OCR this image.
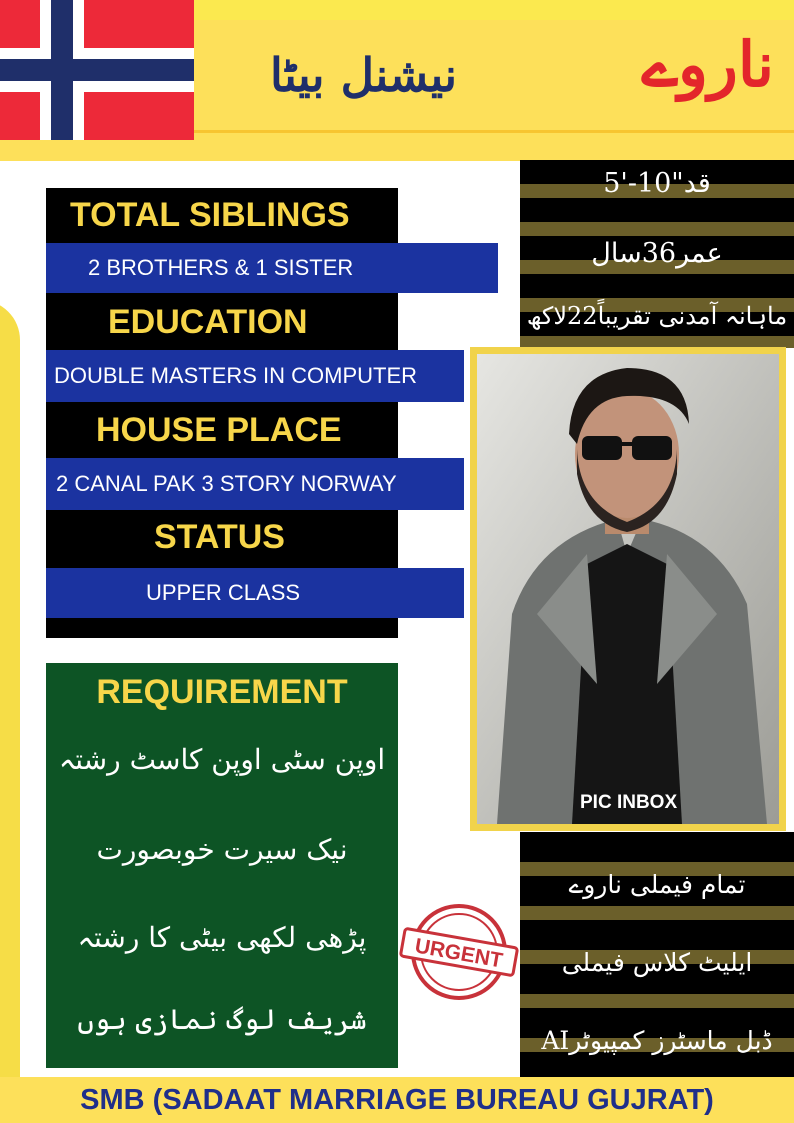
ناروے
نیشنل بیٹا
TOTAL SIBLINGS
2 BROTHERS & 1 SISTER
EDUCATION
DOUBLE MASTERS IN COMPUTER
HOUSE PLACE
2 CANAL PAK 3 STORY NORWAY
STATUS
UPPER CLASS
REQUIREMENT
اوپن سٹی اوپن کاسٹ رشتہ
نیک سیرت خوبصورت
پڑھی لکھی بیٹی کا رشتہ
شریف لوگ نمازی ہوں
قد"10-'5
عمر36سال
ماہانہ آمدنی تقریباً22لاکھ
PIC INBOX
تمام فیملی ناروے
ایلیٹ کلاس فیملی
ڈبل ماسٹرز کمپیوٹرAI
URGENT
SMB (SADAAT MARRIAGE BUREAU GUJRAT)
